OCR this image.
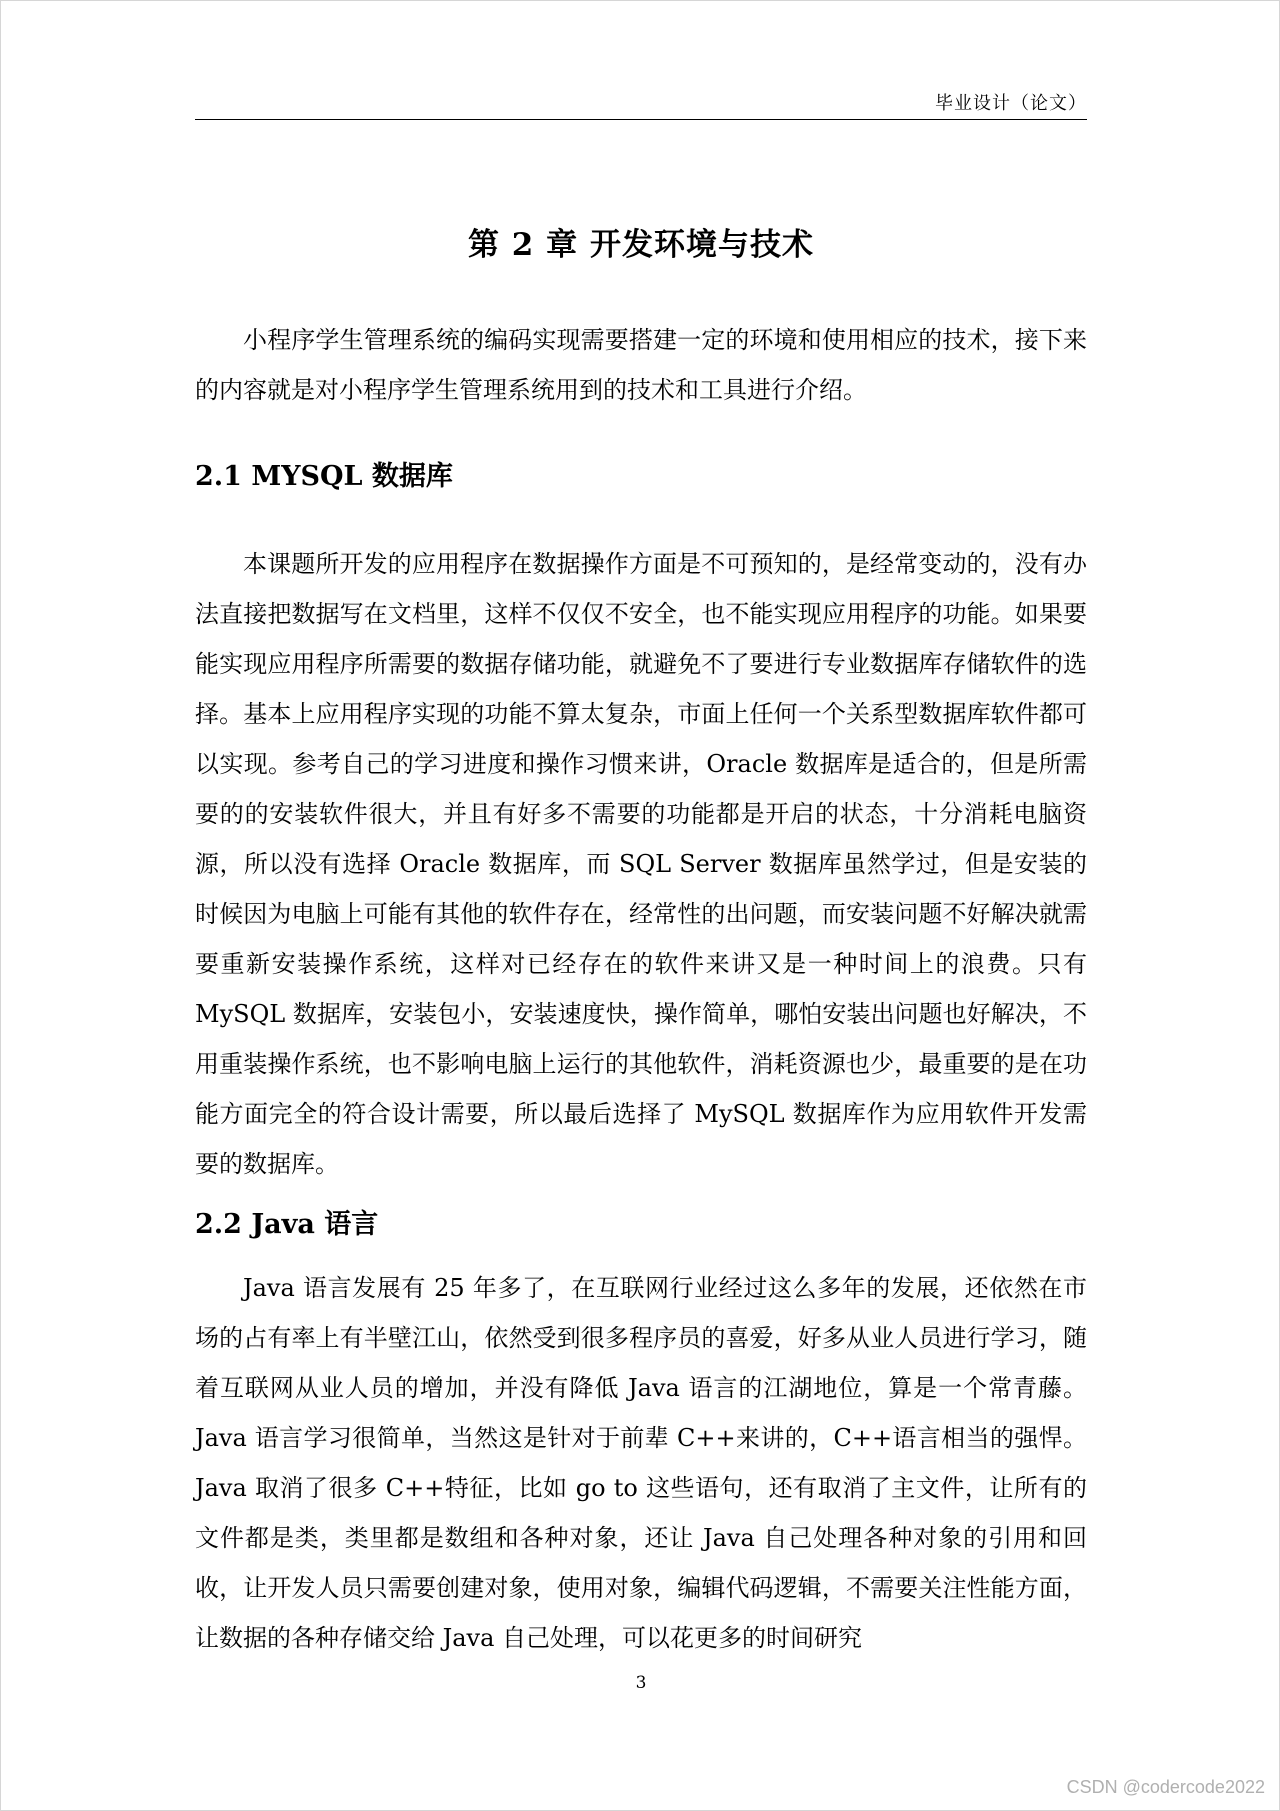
毕业设计（论文）
第 2 章 开发环境与技术

小程序学生管理系统的编码实现需要搭建一定的环境和使用相应的技术，接下来的内容就是对小程序学生管理系统用到的技术和工具进行介绍。

2.1 MYSQL 数据库

本课题所开发的应用程序在数据操作方面是不可预知的，是经常变动的，没有办法直接把数据写在文档里，这样不仅仅不安全，也不能实现应用程序的功能。如果要能实现应用程序所需要的数据存储功能，就避免不了要进行专业数据库存储软件的选择。基本上应用程序实现的功能不算太复杂，市面上任何一个关系型数据库软件都可以实现。参考自己的学习进度和操作习惯来讲，Oracle 数据库是适合的，但是所需要的的安装软件很大，并且有好多不需要的功能都是开启的状态，十分消耗电脑资源，所以没有选择 Oracle 数据库，而 SQL Server 数据库虽然学过，但是安装的时候因为电脑上可能有其他的软件存在，经常性的出问题，而安装问题不好解决就需要重新安装操作系统，这样对已经存在的软件来讲又是一种时间上的浪费。只有 MySQL 数据库，安装包小，安装速度快，操作简单，哪怕安装出问题也好解决，不用重装操作系统，也不影响电脑上运行的其他软件，消耗资源也少，最重要的是在功能方面完全的符合设计需要，所以最后选择了 MySQL 数据库作为应用软件开发需要的数据库。

2.2 Java 语言

Java 语言发展有 25 年多了，在互联网行业经过这么多年的发展，还依然在市场的占有率上有半壁江山，依然受到很多程序员的喜爱，好多从业人员进行学习，随着互联网从业人员的增加，并没有降低 Java 语言的江湖地位，算是一个常青藤。Java 语言学习很简单，当然这是针对于前辈 C++来讲的，C++语言相当的强悍。Java 取消了很多 C++特征，比如 go to 这些语句，还有取消了主文件，让所有的文件都是类，类里都是数组和各种对象，还让 Java 自己处理各种对象的引用和回收，让开发人员只需要创建对象，使用对象，编辑代码逻辑，不需要关注性能方面，让数据的各种存储交给 Java 自己处理，可以花更多的时间研究

3
CSDN @codercode2022
